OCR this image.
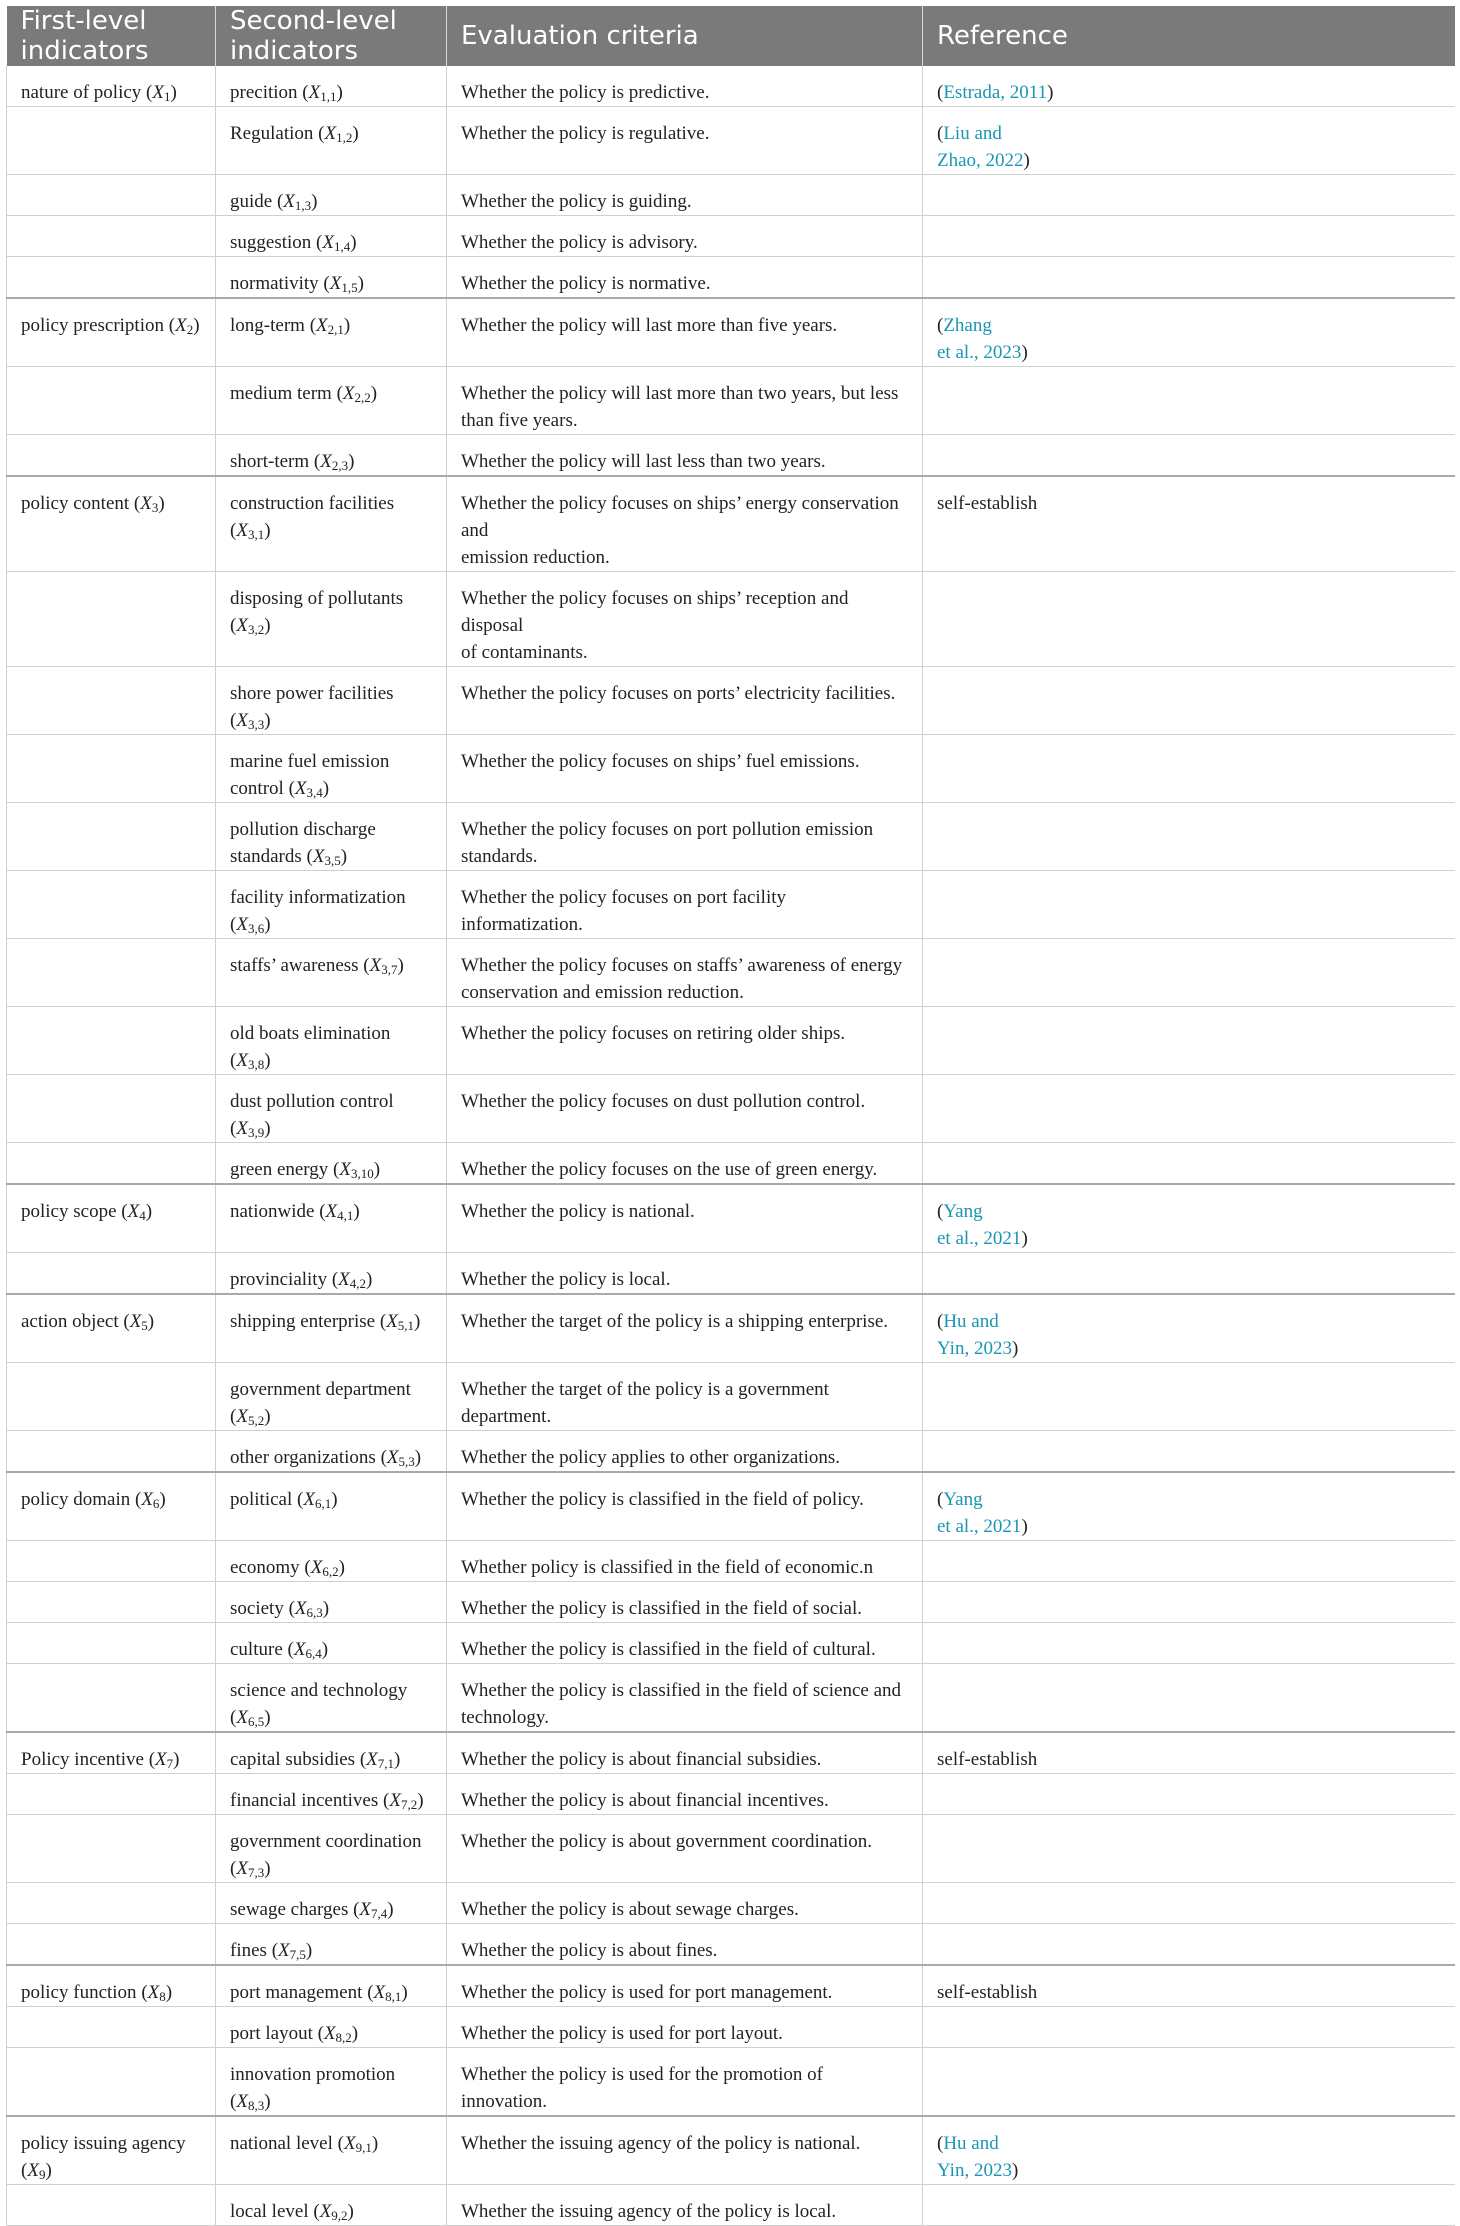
First-level indicators	Second-level indicators	Evaluation criteria	Reference
nature of policy $(X_1)$	precition $(X_{1,1})$	Whether the policy is predictive.	(Estrada, 2011)
	Regulation $(X_{1,2})$	Whether the policy is regulative.	(Liu and
Zhao, 2022)
	guide $(X_{1,3})$	Whether the policy is guiding.	
	suggestion $(X_{1,4})$	Whether the policy is advisory.	
	normativity $(X_{1,5})$	Whether the policy is normative.	
policy prescription $(X_2)$	long-term $(X_{2,1})$	Whether the policy will last more than five years.	(Zhang
et al., 2023)
	medium term $(X_{2,2})$	Whether the policy will last more than two years, but less than five years.	
	short-term $(X_{2,3})$	Whether the policy will last less than two years.	
policy content $(X_3)$	construction facilities $(X_{3,1})$	Whether the policy focuses on ships’ energy conservation and
emission reduction.	self-establish
	disposing of pollutants $(X_{3,2})$	Whether the policy focuses on ships’ reception and disposal
of contaminants.	
	shore power facilities $(X_{3,3})$	Whether the policy focuses on ports’ electricity facilities.	
	marine fuel emission control $(X_{3,4})$	Whether the policy focuses on ships’ fuel emissions.	
	pollution discharge
standards $(X_{3,5})$	Whether the policy focuses on port pollution emission standards.	
	facility informatization $(X_{3,6})$	Whether the policy focuses on port facility informatization.	
	staffs’ awareness $(X_{3,7})$	Whether the policy focuses on staffs’ awareness of energy conservation and emission reduction.	
	old boats elimination $(X_{3,8})$	Whether the policy focuses on retiring older ships.	
	dust pollution control $(X_{3,9})$	Whether the policy focuses on dust pollution control.	
	green energy $(X_{3,10})$	Whether the policy focuses on the use of green energy.	
policy scope $(X_4)$	nationwide $(X_{4,1})$	Whether the policy is national.	(Yang
et al., 2021)
	provinciality $(X_{4,2})$	Whether the policy is local.	
action object $(X_5)$	shipping enterprise $(X_{5,1})$	Whether the target of the policy is a shipping enterprise.	(Hu and
Yin, 2023)
	government department $(X_{5,2})$	Whether the target of the policy is a government department.	
	other organizations $(X_{5,3})$	Whether the policy applies to other organizations.	
policy domain $(X_6)$	political $(X_{6,1})$	Whether the policy is classified in the field of policy.	(Yang
et al., 2021)
	economy $(X_{6,2})$	Whether policy is classified in the field of economic.n	
	society $(X_{6,3})$	Whether the policy is classified in the field of social.	
	culture $(X_{6,4})$	Whether the policy is classified in the field of cultural.	
	science and technology $(X_{6,5})$	Whether the policy is classified in the field of science and technology.	
Policy incentive $(X_7)$	capital subsidies $(X_{7,1})$	Whether the policy is about financial subsidies.	self-establish
	financial incentives $(X_{7,2})$	Whether the policy is about financial incentives.	
	government coordination $(X_{7,3})$	Whether the policy is about government coordination.	
	sewage charges $(X_{7,4})$	Whether the policy is about sewage charges.	
	fines $(X_{7,5})$	Whether the policy is about fines.	
policy function $(X_8)$	port management $(X_{8,1})$	Whether the policy is used for port management.	self-establish
	port layout $(X_{8,2})$	Whether the policy is used for port layout.	
	innovation promotion $(X_{8,3})$	Whether the policy is used for the promotion of innovation.	
policy issuing agency $(X_9)$	national level $(X_{9,1})$	Whether the issuing agency of the policy is national.	(Hu and
Yin, 2023)
	local level $(X_{9,2})$	Whether the issuing agency of the policy is local.	
